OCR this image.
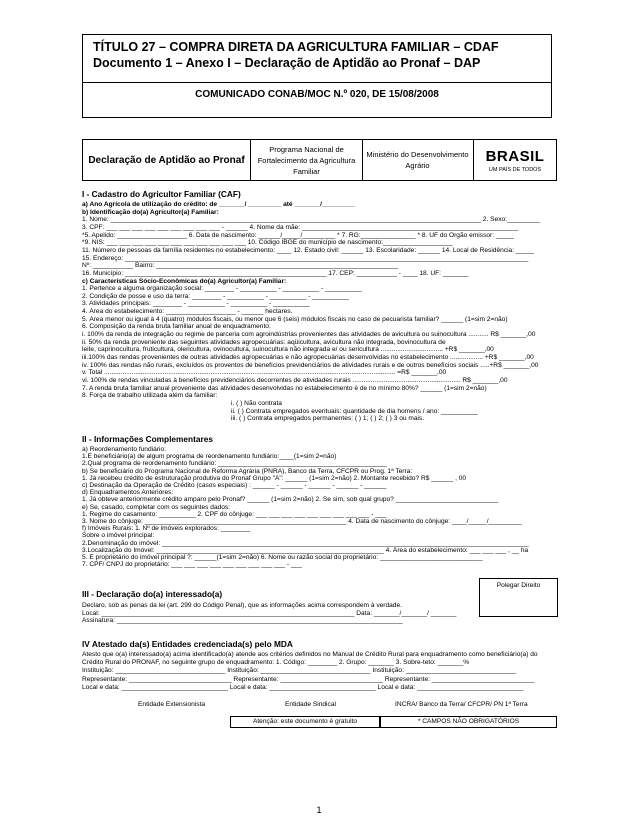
TÍTULO 27 – COMPRA DIRETA DA AGRICULTURA FAMILIAR – CDAF
Documento 1 – Anexo I – Declaração de Aptidão ao Pronaf – DAP
COMUNICADO CONAB/MOC N.º 020, DE 15/08/2008
Declaração de Aptidão ao Pronaf
Programa Nacional de Fortalecimento da Agricultura Familiar
Ministério do Desenvolvimento Agrário
BRASIL
UM PAÍS DE TODOS
I - Cadastro do Agricultor Familiar (CAF)
a) Ano Agrícola de utilização do crédito: de _______/ _________ até _______/_________
b) Identificação do(a) Agricultor(a) Familiar:
1. Nome: _____________________________________________________________________________________________________ 2. Sexo:_________
3. CPF: ___ ___ ___ ___ ___ ___ ___ ___ ___ - ______ 4. Nome da mãe: ___________________________________________________________
*5. Apelido: ___________________ 6. Data de nascimento: ______/_____/_________ * 7. RG:_______________ * 8. UF do Órgão emissor: _____
*9. NIS: ___ ___ ___ ___ ___ ___ ___ ___ ___ ___ ___ 10. Código IBGE do município de nascimento:___________________
11. Número de pessoas da família residentes no estabelecimento: ____ 12. Estado civil: ______ 13. Escolaridade: ______ 14. Local de Residência: _____
15. Endereço: ______________________________________________________________________________________________________________
Nº: ___________ Bairro: __________________________________________________________________
16. Município: _______________________________________________________ 17. CEP: ___________ - ____ 18. UF: _______
c) Características Sócio-Econômicas do(a) Agricultor(a) Familiar:
1. Pertence a alguma organização social: ________ - __________ - __________ - __________
2. Condição de posse e uso da terra: ________ - __________ - __________ - __________
3. Atividades principais: ________ - __________ - __________ - __________
4. Área do estabelecimento: ___________________ - ______ hectares.
5. Área menor ou igual à 4 (quatro) módulos fiscais, ou menor que 6 (seis) módulos fiscais no caso de pecuarista familiar? ______ (1=sim 2=não)
6. Composição da renda bruta familiar anual de enquadramento:
i. 100% da renda de integração ou regime de parceria com agroindústrias provenientes das atividades de avicultura ou suinocultura ........... R$ _______,00
ii. 50% da renda proveniente das seguintes atividades agropecuárias: aqüicultura, avicultura não integrada, bovinocultura de
leite, caprinocultura, fruticultura, olericultura, ovinocultura, suinocultura não integrada e/ ou sericultura .................................. +R$ _______,00
iii.100% das rendas provenientes de outras atividades agropecuárias e não agropecuárias desenvolvidas no estabelecimento .................. +R$ _______,00
iv. 100% das rendas não rurais, excluídos os proventos de benefícios previdenciários de atividades rurais e de outros benefícios sociais .....+R$ _______,00
v. Total ............................................................................................................................................................... =R$ _______,00
vi. 100% de rendas vinculadas à benefícios previdenciários decorrentes de atividades rurais ........................................................... R$ _______,00
7. A renda bruta familiar anual proveniente das atividades desenvolvidas no estabelecimento é de no mínimo 80%? ______ (1=sim 2=não)
8. Força de trabalho utilizada além da familiar:
i. ( ) Não contrata
ii. ( ) Contrata empregados eventuais: quantidade de dia homens / ano: __________
iii. ( ) Contrata empregados permanentes: ( ) 1; ( ) 2; ( ) 3 ou mais.
II - Informações Complementares
a) Reordenamento fundiário:
1.É beneficiário(a) de algum programa de reordenamento fundiário:____(1=sim 2=não)
2.Qual programa de reordenamento fundiário: ______________________________________________
b) Se beneficiário do Programa Nacional de Reforma Agrária (PNRA), Banco da Terra, CFCPR ou Prog. 1ª Terra:
1. Já recebeu crédito de estruturação produtiva do Pronaf Grupo "A": ______ (1=sim 2=não) 2. Montante recebido? R$ ______ , 00
c) Destinação da Operação de Crédito (casos especiais) : ______ - ______ - ______ - ______ - ______
d) Enquadramentos Anteriores:
1. Já obteve anteriormente crédito amparo pelo Pronaf? ______ (1=sim 2=não) 2. Se sim, sob qual grupo? ____________________________
e) Se, casado, completar com os seguintes dados:
1. Regime do casamento: __________ 2. CPF do cônjuge: ___ ___ ___ ___ ___ ___ ___ ___ ___ - ___
3. Nome do cônjuge: _______________________________________________________ 4. Data de nascimento do cônjuge: ____/_____/_________
f) Imóveis Rurais: 1. Nº de imóveis explorados: ________
Sobre o imóvel principal:
2.Denominação do imóvel: ____________________________________________________________________________________________________
3.Localização do Imóvel: ______________________________________________________________ 4. Área do estabelecimento: ___ ___ ___ , __ ha
5. É proprietário do imóvel principal ?: ______(1=sim 2=não) 6. Nome ou razão social do proprietário: ____________________________
7. CPF/ CNPJ do proprietário: ___ ___ ___ ___ ___ ___ ___ ___ ___ - ___
Polegar Direito
III - Declaração do(a) interessado(a)
Declaro, sob as penas da lei (art. 299 do Código Penal), que as informações acima correspondem à verdade.
Local: _____________________________________________________________________ Data: _______/_______/ _______
Assinatura: ______________________________________________________________________________
IV Atestado da(s) Entidades credenciada(s) pelo MDA
Atesto que o(a) interessado(a) acima identificado(a) atende aos critérios definidos no Manual de Crédito Rural para enquadramento como beneficiário(a) do
Crédito Rural do PRONAF, no seguinte grupo de enquadramento: 1. Código: ________ 2. Grupo: _______ 3. Sobre-teto: _______%
Instituição: ______________________________ Instituição: ______________________________ Instituição: ______________________________
Representante: ____________________________ Representante: ____________________________ Representante: ____________________________
Local e data: _____________________________ Local e data: _____________________________ Local e data: _____________________________
Entidade Extensionista	Entidade Sindical	INCRA/ Banco da Terra/ CFCPR/ PN 1ª Terra
Atenção: este documento é gratuito	* CAMPOS NÃO OBRIGATÓRIOS
1
